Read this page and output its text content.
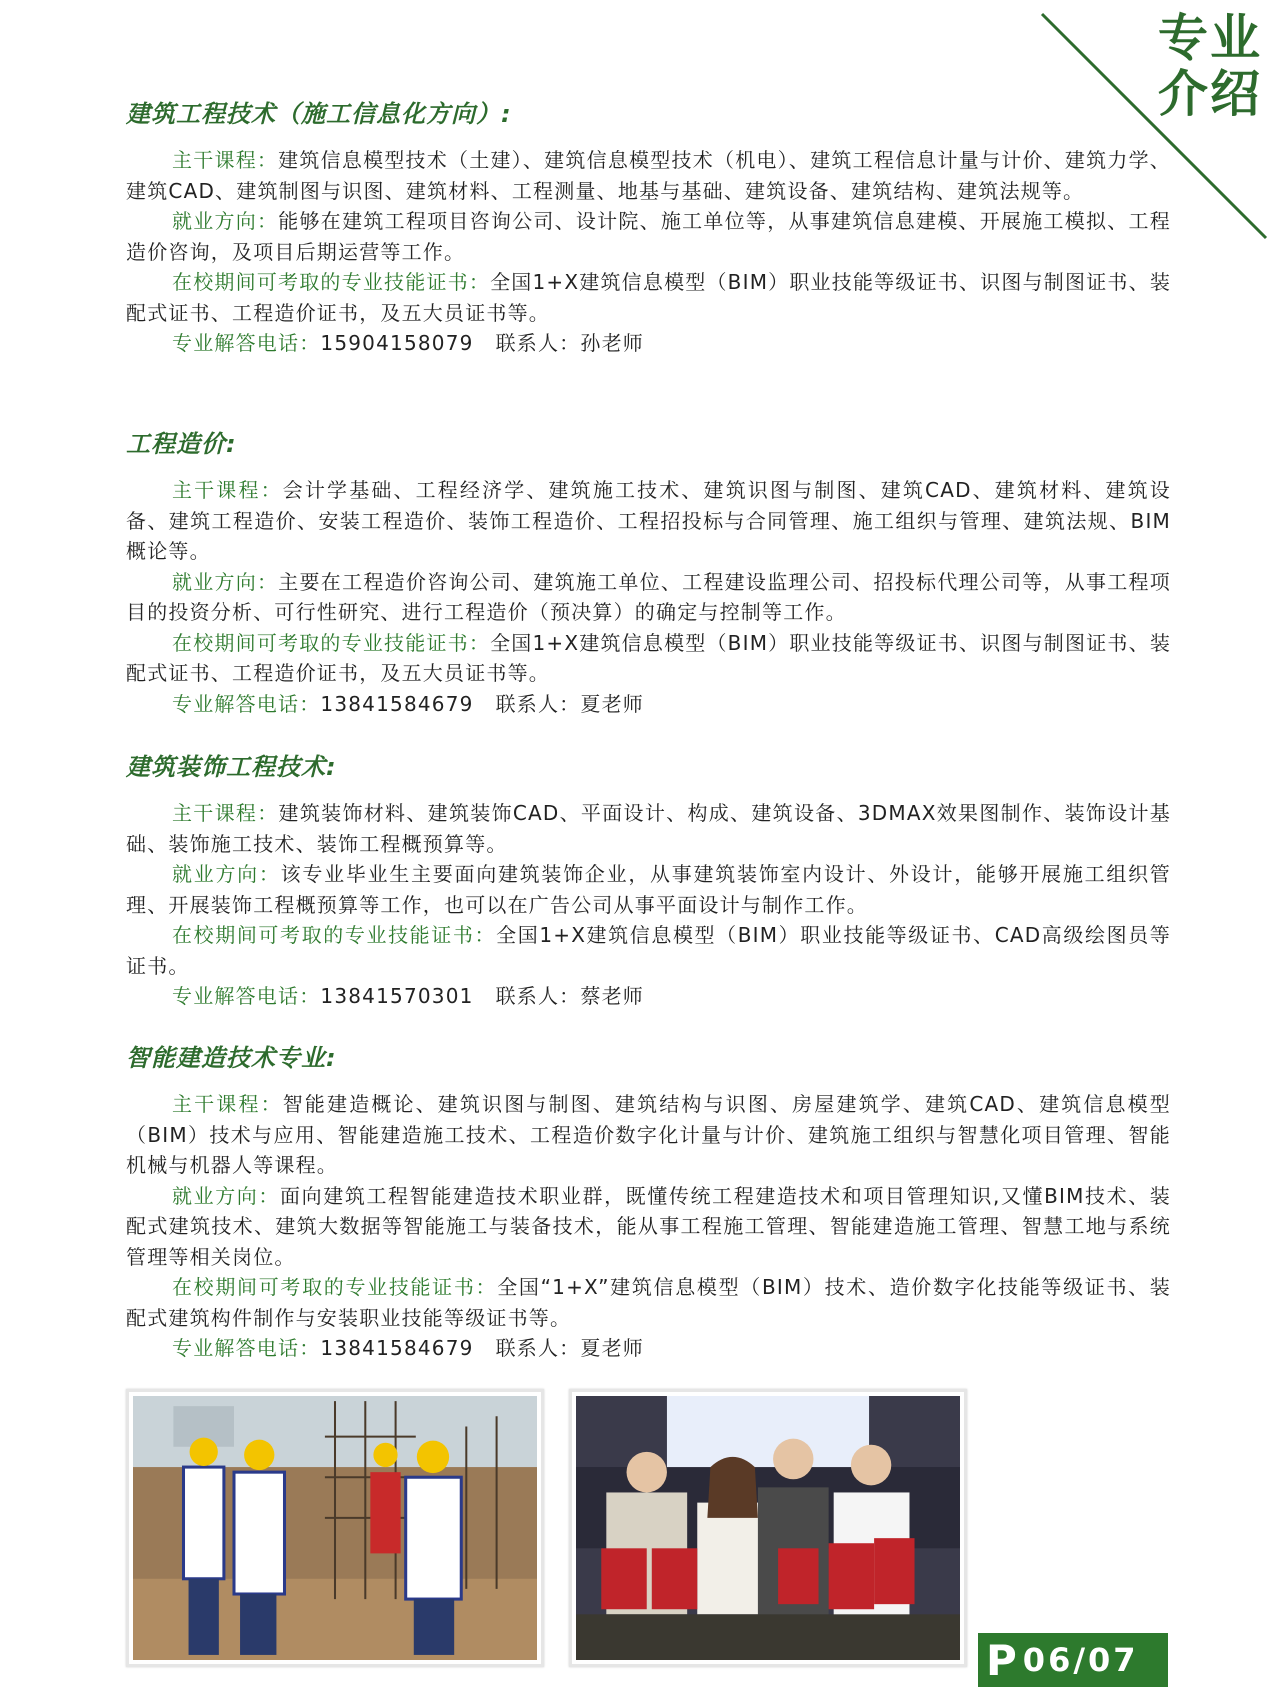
专业
介绍
建筑工程技术（施工信息化方向）:

主干课程：建筑信息模型技术（土建）、建筑信息模型技术（机电）、建筑工程信息计量与计价、建筑力学、建筑CAD、建筑制图与识图、建筑材料、工程测量、地基与基础、建筑设备、建筑结构、建筑法规等。

就业方向：能够在建筑工程项目咨询公司、设计院、施工单位等，从事建筑信息建模、开展施工模拟、工程造价咨询，及项目后期运营等工作。

在校期间可考取的专业技能证书：全国1+X建筑信息模型（BIM）职业技能等级证书、识图与制图证书、装配式证书、工程造价证书，及五大员证书等。

专业解答电话：15904158079 联系人：孙老师

工程造价:

主干课程：会计学基础、工程经济学、建筑施工技术、建筑识图与制图、建筑CAD、建筑材料、建筑设备、建筑工程造价、安装工程造价、装饰工程造价、工程招投标与合同管理、施工组织与管理、建筑法规、BIM概论等。

就业方向：主要在工程造价咨询公司、建筑施工单位、工程建设监理公司、招投标代理公司等，从事工程项目的投资分析、可行性研究、进行工程造价（预决算）的确定与控制等工作。

在校期间可考取的专业技能证书：全国1+X建筑信息模型（BIM）职业技能等级证书、识图与制图证书、装配式证书、工程造价证书，及五大员证书等。

专业解答电话：13841584679 联系人：夏老师

建筑装饰工程技术:

主干课程：建筑装饰材料、建筑装饰CAD、平面设计、构成、建筑设备、3DMAX效果图制作、装饰设计基础、装饰施工技术、装饰工程概预算等。

就业方向：该专业毕业生主要面向建筑装饰企业，从事建筑装饰室内设计、外设计，能够开展施工组织管理、开展装饰工程概预算等工作，也可以在广告公司从事平面设计与制作工作。

在校期间可考取的专业技能证书：全国1+X建筑信息模型（BIM）职业技能等级证书、CAD高级绘图员等证书。

专业解答电话：13841570301 联系人：蔡老师

智能建造技术专业:

主干课程：智能建造概论、建筑识图与制图、建筑结构与识图、房屋建筑学、建筑CAD、建筑信息模型（BIM）技术与应用、智能建造施工技术、工程造价数字化计量与计价、建筑施工组织与智慧化项目管理、智能机械与机器人等课程。

就业方向：面向建筑工程智能建造技术职业群，既懂传统工程建造技术和项目管理知识,又懂BIM技术、装配式建筑技术、建筑大数据等智能施工与装备技术，能从事工程施工管理、智能建造施工管理、智慧工地与系统管理等相关岗位。

在校期间可考取的专业技能证书：全国“1+X”建筑信息模型（BIM）技术、造价数字化技能等级证书、装配式建筑构件制作与安装职业技能等级证书等。

专业解答电话：13841584679 联系人：夏老师

P 06/07
